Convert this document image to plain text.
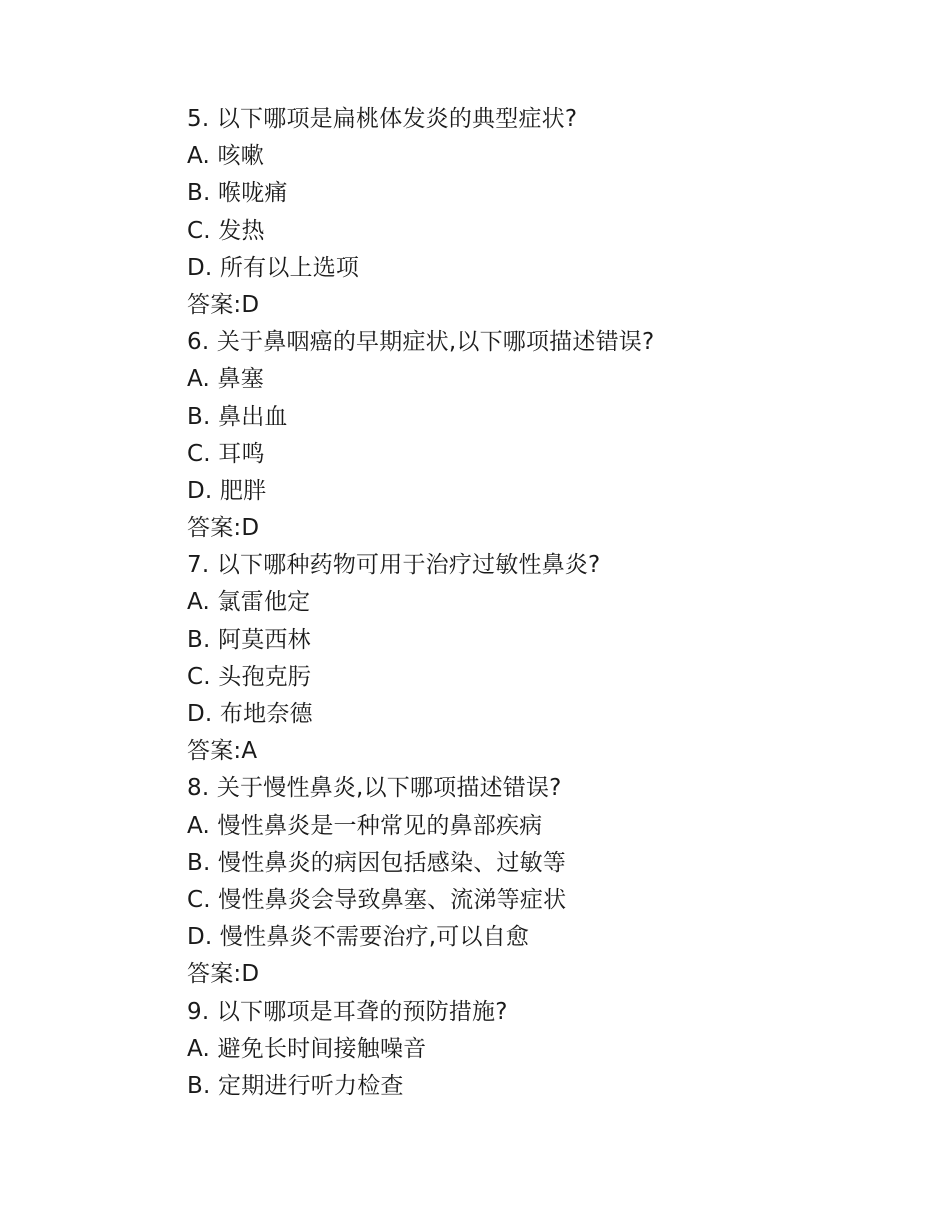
5. 以下哪项是扁桃体发炎的典型症状?
A. 咳嗽
B. 喉咙痛
C. 发热
D. 所有以上选项
答案:D
6. 关于鼻咽癌的早期症状,以下哪项描述错误?
A. 鼻塞
B. 鼻出血
C. 耳鸣
D. 肥胖
答案:D
7. 以下哪种药物可用于治疗过敏性鼻炎?
A. 氯雷他定
B. 阿莫西林
C. 头孢克肟
D. 布地奈德
答案:A
8. 关于慢性鼻炎,以下哪项描述错误?
A. 慢性鼻炎是一种常见的鼻部疾病
B. 慢性鼻炎的病因包括感染、过敏等
C. 慢性鼻炎会导致鼻塞、流涕等症状
D. 慢性鼻炎不需要治疗,可以自愈
答案:D
9. 以下哪项是耳聋的预防措施?
A. 避免长时间接触噪音
B. 定期进行听力检查
